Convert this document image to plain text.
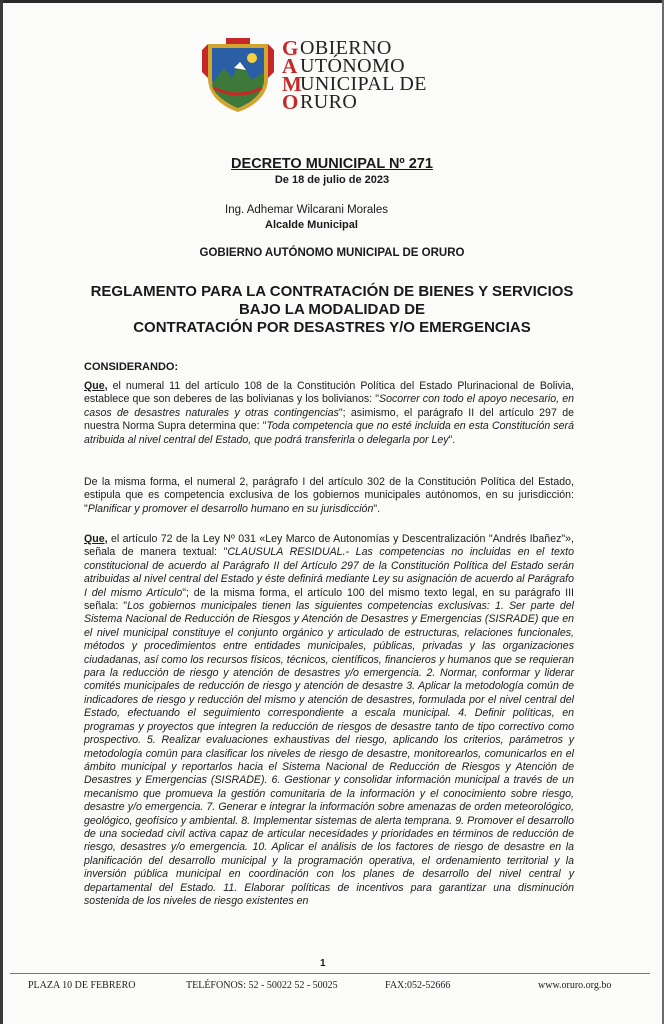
G
A
M
O
OBIERNO
UTÓNOMO
UNICIPAL DE
RURO
DECRETO MUNICIPAL Nº 271
De 18 de julio de 2023
Ing. Adhemar Wilcarani Morales
Alcalde Municipal
GOBIERNO AUTÓNOMO MUNICIPAL DE ORURO
REGLAMENTO PARA LA CONTRATACIÓN DE BIENES Y SERVICIOS
BAJO LA MODALIDAD DE
CONTRATACIÓN POR DESASTRES Y/O EMERGENCIAS
CONSIDERANDO:
Que, el numeral 11 del artículo 108 de la Constitución Política del Estado Plurinacional de Bolivia, establece que son deberes de las bolivianas y los bolivianos: "Socorrer con todo el apoyo necesario, en casos de desastres naturales y otras contingencias"; asimismo, el parágrafo II del artículo 297 de nuestra Norma Supra determina que: "Toda competencia que no esté incluida en esta Constitución será atribuida al nivel central del Estado, que podrá transferirla o delegarla por Ley".
De la misma forma, el numeral 2, parágrafo I del artículo 302 de la Constitución Política del Estado, estipula que es competencia exclusiva de los gobiernos municipales autónomos, en su jurisdicción: "Planificar y promover el desarrollo humano en su jurisdicción".
Que, el artículo 72 de la Ley Nº 031 «Ley Marco de Autonomías y Descentralización "Andrés Ibañez"», señala de manera textual: "CLAUSULA RESIDUAL.- Las competencias no incluidas en el texto constitucional de acuerdo al Parágrafo II del Artículo 297 de la Constitución Política del Estado serán atribuidas al nivel central del Estado y éste definirá mediante Ley su asignación de acuerdo al Parágrafo I del mismo Artículo"; de la misma forma, el artículo 100 del mismo texto legal, en su parágrafo III señala: "Los gobiernos municipales tienen las siguientes competencias exclusivas: 1. Ser parte del Sistema Nacional de Reducción de Riesgos y Atención de Desastres y Emergencias (SISRADE) que en el nivel municipal constituye el conjunto orgánico y articulado de estructuras, relaciones funcionales, métodos y procedimientos entre entidades municipales, públicas, privadas y las organizaciones ciudadanas, así como los recursos físicos, técnicos, científicos, financieros y humanos que se requieran para la reducción de riesgo y atención de desastres y/o emergencia. 2. Normar, conformar y liderar comités municipales de reducción de riesgo y atención de desastre 3. Aplicar la metodología común de indicadores de riesgo y reducción del mismo y atención de desastres, formulada por el nivel central del Estado, efectuando el seguimiento correspondiente a escala municipal. 4. Definir políticas, en programas y proyectos que integren la reducción de riesgos de desastre tanto de tipo correctivo como prospectivo. 5. Realizar evaluaciones exhaustivas del riesgo, aplicando los criterios, parámetros y metodología común para clasificar los niveles de riesgo de desastre, monitorearlos, comunicarlos en el ámbito municipal y reportarlos hacia el Sistema Nacional de Reducción de Riesgos y Atención de Desastres y Emergencias (SISRADE). 6. Gestionar y consolidar información municipal a través de un mecanismo que promueva la gestión comunitaria de la información y el conocimiento sobre riesgo, desastre y/o emergencia. 7. Generar e integrar la información sobre amenazas de orden meteorológico, geológico, geofísico y ambiental. 8. Implementar sistemas de alerta temprana. 9. Promover el desarrollo de una sociedad civil activa capaz de articular necesidades y prioridades en términos de reducción de riesgo, desastres y/o emergencia. 10. Aplicar el análisis de los factores de riesgo de desastre en la planificación del desarrollo municipal y la programación operativa, el ordenamiento territorial y la inversión pública municipal en coordinación con los planes de desarrollo del nivel central y departamental del Estado. 11. Elaborar políticas de incentivos para garantizar una disminución sostenida de los niveles de riesgo existentes en
1
PLAZA 10 DE FEBRERO	TELÉFONOS: 52 - 50022 52 - 50025	FAX:052-52666	www.oruro.org.bo
